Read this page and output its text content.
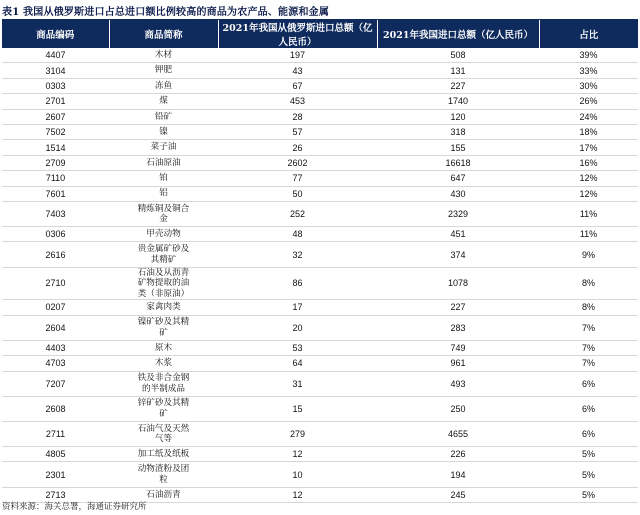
表1 我国从俄罗斯进口占总进口额比例较高的商品为农产品、能源和金属
商品编码	商品简称	2021年我国从俄罗斯进口总额（亿人民币）	2021年我国进口总额（亿人民币）	占比
4407	木材	197	508	39%
3104	钾肥	43	131	33%
0303	冻鱼	67	227	30%
2701	煤	453	1740	26%
2607	铅矿	28	120	24%
7502	镍	57	318	18%
1514	菜子油	26	155	17%
2709	石油原油	2602	16618	16%
7110	铂	77	647	12%
7601	铝	50	430	12%
7403	精炼铜及铜合金	252	2329	11%
0306	甲壳动物	48	451	11%
2616	贵金属矿砂及其精矿	32	374	9%
2710	石油及从沥青矿物提取的油类（非原油）	86	1078	8%
0207	家禽肉类	17	227	8%
2604	镍矿砂及其精矿	20	283	7%
4403	原木	53	749	7%
4703	木浆	64	961	7%
7207	铁及非合金钢的半制成品	31	493	6%
2608	锌矿砂及其精矿	15	250	6%
2711	石油气及天然气等	279	4655	6%
4805	加工纸及纸板	12	226	5%
2301	动物渣粉及团粒	10	194	5%
2713	石油沥青	12	245	5%
资料来源：海关总署，海通证券研究所
